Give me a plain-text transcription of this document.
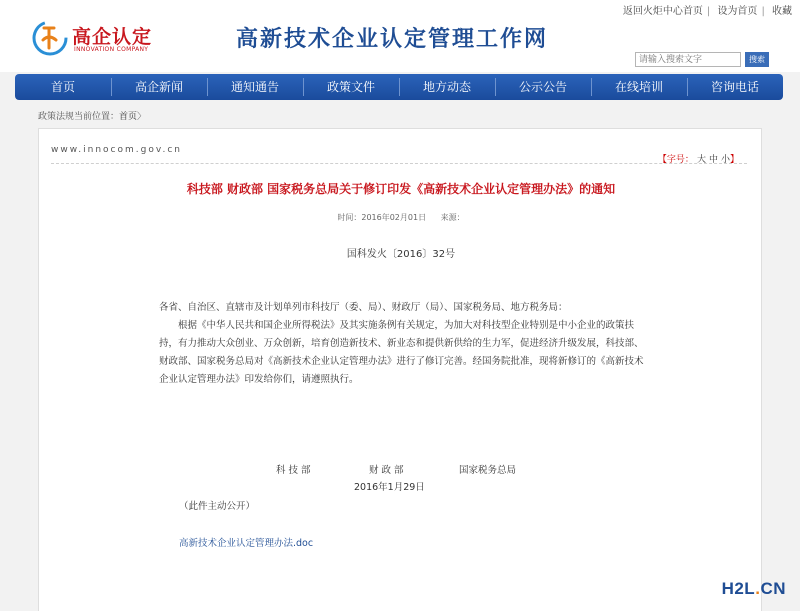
返回火炬中心首页 | 设为首页 | 收藏
高企认定
INNOVATION COMPANY	高新技术企业认定管理工作网
请输入搜索文字
搜索
首页	高企新闻	通知通告	政策文件	地方动态	公示公告	在线培训	咨询电话
政策法规当前位置：首页〉
www.innocom.gov.cn
【字号： 大 中 小】
科技部 财政部 国家税务总局关于修订印发《高新技术企业认定管理办法》的通知
时间：2016年02月01日 来源：
国科发火〔2016〕32号

各省、自治区、直辖市及计划单列市科技厅（委、局）、财政厅（局）、国家税务局、地方税务局：

根据《中华人民共和国企业所得税法》及其实施条例有关规定，为加大对科技型企业特别是中小企业的政策扶持，有力推动大众创业、万众创新，培育创造新技术、新业态和提供新供给的生力军，促进经济升级发展，科技部、财政部、国家税务总局对《高新技术企业认定管理办法》进行了修订完善。经国务院批准，现将新修订的《高新技术企业认定管理办法》印发给你们，请遵照执行。

科 技 部	财 政 部	国家税务总局
2016年1月29日
（此件主动公开）
高新技术企业认定管理办法.doc
H2L.CN
